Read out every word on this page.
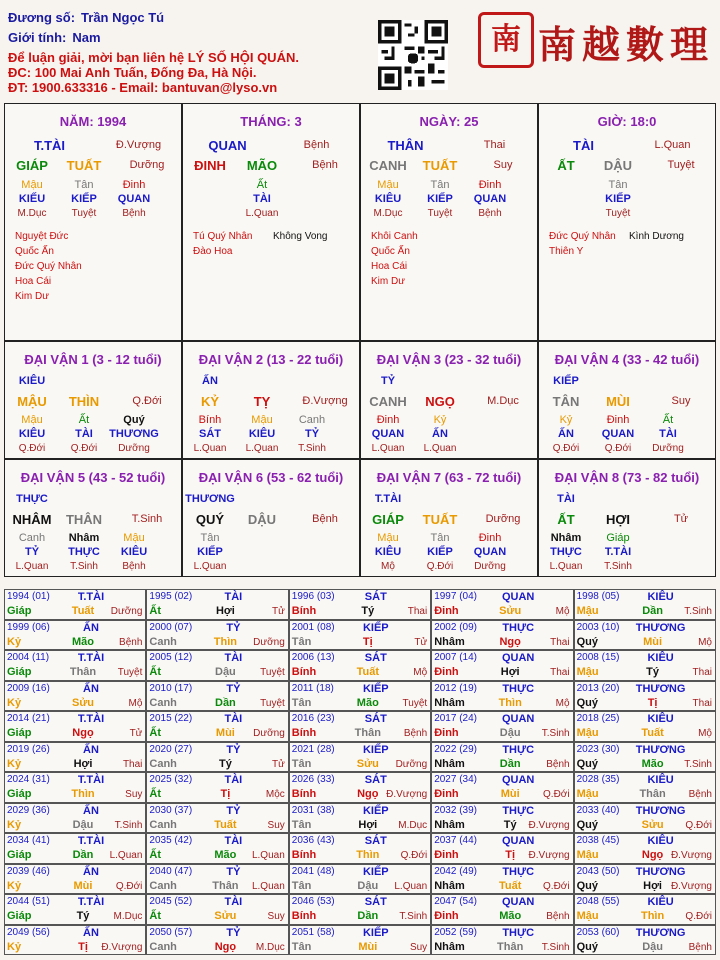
Đương số: Trần Ngọc Tú
Giới tính: Nam
Để luận giải, mời bạn liên hệ LÝ SỐ HỘI QUÁN.
ĐC: 100 Mai Anh Tuấn, Đống Đa, Hà Nội.
ĐT: 1900.633316 - Email: bantuvan@lyso.vn
南 南越數理
NĂM: 1994
T.TÀI	Đ.Vượng
GIÁP	TUẤT	Dưỡng
Mậu
KIẾU
M.Dục
Tân
KIẾP
Tuyệt
Đinh
QUAN
Bệnh
Nguyệt Đức
Quốc Ấn
Đức Quý Nhân
Hoa Cái
Kim Dư
THÁNG: 3
QUAN	Bệnh
ĐINH	MÃO	Bệnh
Ất
TÀI
L.Quan
Tú Quý Nhân
Đào Hoa
Không Vong
NGÀY: 25
THÂN	Thai
CANH	TUẤT	Suy
Mậu
KIÊU
M.Dục
Tân
KIẾP
Tuyệt
Đinh
QUAN
Bệnh
Khôi Canh
Quốc Ấn
Hoa Cái
Kim Dư
GIỜ: 18:0
TÀI	L.Quan
ẤT	DẬU	Tuyệt
Tân
KIẾP
Tuyệt
Đức Quý Nhân
Thiên Y
Kình Dương
ĐẠI VẬN 1 (3 - 12 tuổi)
KIÊU
MẬU	THÌN	Q.Đới
Mậu
KIÊU
Q.Đới
Ất
TÀI
Q.Đới
Quý
THƯƠNG
Dưỡng
ĐẠI VẬN 2 (13 - 22 tuổi)
ẤN
KỶ	TỴ	Đ.Vượng
Bính
SÁT
L.Quan
Mậu
KIÊU
L.Quan
Canh
TỶ
T.Sinh
ĐẠI VẬN 3 (23 - 32 tuổi)
TỶ
CANH	NGỌ	M.Dục
Đinh
QUAN
L.Quan
Kỷ
ẤN
L.Quan
ĐẠI VẬN 4 (33 - 42 tuổi)
KIẾP
TÂN	MÙI	Suy
Kỷ
ẤN
Q.Đới
Đinh
QUAN
Q.Đới
Ất
TÀI
Dưỡng
ĐẠI VẬN 5 (43 - 52 tuổi)
THỰC
NHÂM	THÂN	T.Sinh
Canh
TỶ
L.Quan
Nhâm
THỰC
T.Sinh
Mậu
KIÊU
Bệnh
ĐẠI VẬN 6 (53 - 62 tuổi)
THƯƠNG
QUÝ	DẬU	Bệnh
Tân
KIẾP
L.Quan
ĐẠI VẬN 7 (63 - 72 tuổi)
T.TÀI
GIÁP	TUẤT	Dưỡng
Mậu
KIÊU
Mộ
Tân
KIẾP
Q.Đới
Đinh
QUAN
Dưỡng
ĐẠI VẬN 8 (73 - 82 tuổi)
TÀI
ẤT	HỢI	Tử
Nhâm
THỰC
L.Quan
Giáp
T.TÀI
T.Sinh
1994 (01)	T.TÀI
Giáp	Tuất	Dưỡng
1995 (02)	TÀI
Ất	Hợi	Tử
1996 (03)	SÁT
Bính	Tý	Thai
1997 (04)	QUAN
Đinh	Sửu	Mộ
1998 (05)	KIÊU
Mậu	Dần	T.Sinh
1999 (06)	ẤN
Kỷ	Mão	Bệnh
2000 (07)	TỶ
Canh	Thìn	Dưỡng
2001 (08)	KIẾP
Tân	Tị	Tử
2002 (09)	THỰC
Nhâm	Ngọ	Thai
2003 (10)	THƯƠNG
Quý	Mùi	Mộ
2004 (11)	T.TÀI
Giáp	Thân	Tuyệt
2005 (12)	TÀI
Ất	Dậu	Tuyệt
2006 (13)	SÁT
Bính	Tuất	Mộ
2007 (14)	QUAN
Đinh	Hợi	Thai
2008 (15)	KIÊU
Mậu	Tý	Thai
2009 (16)	ẤN
Kỷ	Sửu	Mộ
2010 (17)	TỶ
Canh	Dần	Tuyệt
2011 (18)	KIẾP
Tân	Mão	Tuyệt
2012 (19)	THỰC
Nhâm	Thìn	Mộ
2013 (20)	THƯƠNG
Quý	Tị	Thai
2014 (21)	T.TÀI
Giáp	Ngọ	Tử
2015 (22)	TÀI
Ất	Mùi	Dưỡng
2016 (23)	SÁT
Bính	Thân	Bệnh
2017 (24)	QUAN
Đinh	Dậu	T.Sinh
2018 (25)	KIÊU
Mậu	Tuất	Mộ
2019 (26)	ẤN
Kỷ	Hợi	Thai
2020 (27)	TỶ
Canh	Tý	Tử
2021 (28)	KIẾP
Tân	Sửu	Dưỡng
2022 (29)	THỰC
Nhâm	Dần	Bệnh
2023 (30)	THƯƠNG
Quý	Mão	T.Sinh
2024 (31)	T.TÀI
Giáp	Thìn	Suy
2025 (32)	TÀI
Ất	Tị	Mộc
2026 (33)	SÁT
Bính	Ngọ Đ.Vượng
2027 (34)	QUAN
Đinh	Mùi	Q.Đới
2028 (35)	KIÊU
Mậu	Thân	Bệnh
2029 (36)	ẤN
Kỷ	Dậu	T.Sinh
2030 (37)	TỶ
Canh	Tuất	Suy
2031 (38)	KIẾP
Tân	Hợi	M.Dục
2032 (39)	THỰC
Nhâm	Tý	Đ.Vượng
2033 (40)	THƯƠNG
Quý	Sửu	Q.Đới
2034 (41)	T.TÀI
Giáp	Dần	L.Quan
2035 (42)	TÀI
Ất	Mão	L.Quan
2036 (43)	SÁT
Bính	Thìn	Q.Đới
2037 (44)	QUAN
Đinh	Tị	Đ.Vượng
2038 (45)	KIÊU
Mậu	Ngọ Đ.Vượng
2039 (46)	ẤN
Kỷ	Mùi	Q.Đới
2040 (47)	TỶ
Canh	Thân	L.Quan
2041 (48)	KIẾP
Tân	Dậu	L.Quan
2042 (49)	THỰC
Nhâm	Tuất	Q.Đới
2043 (50)	THƯƠNG
Quý	Hợi Đ.Vượng
2044 (51)	T.TÀI
Giáp	Tý	M.Dục
2045 (52)	TÀI
Ất	Sửu	Suy
2046 (53)	SÁT
Bính	Dần	T.Sinh
2047 (54)	QUAN
Đinh	Mão	Bệnh
2048 (55)	KIÊU
Mậu	Thìn	Q.Đới
2049 (56)	ẤN
Kỷ	Tị	Đ.Vượng
2050 (57)	TỶ
Canh	Ngọ	M.Dục
2051 (58)	KIẾP
Tân	Mùi	Suy
2052 (59)	THỰC
Nhâm	Thân	T.Sinh
2053 (60)	THƯƠNG
Quý	Dậu	Bệnh
